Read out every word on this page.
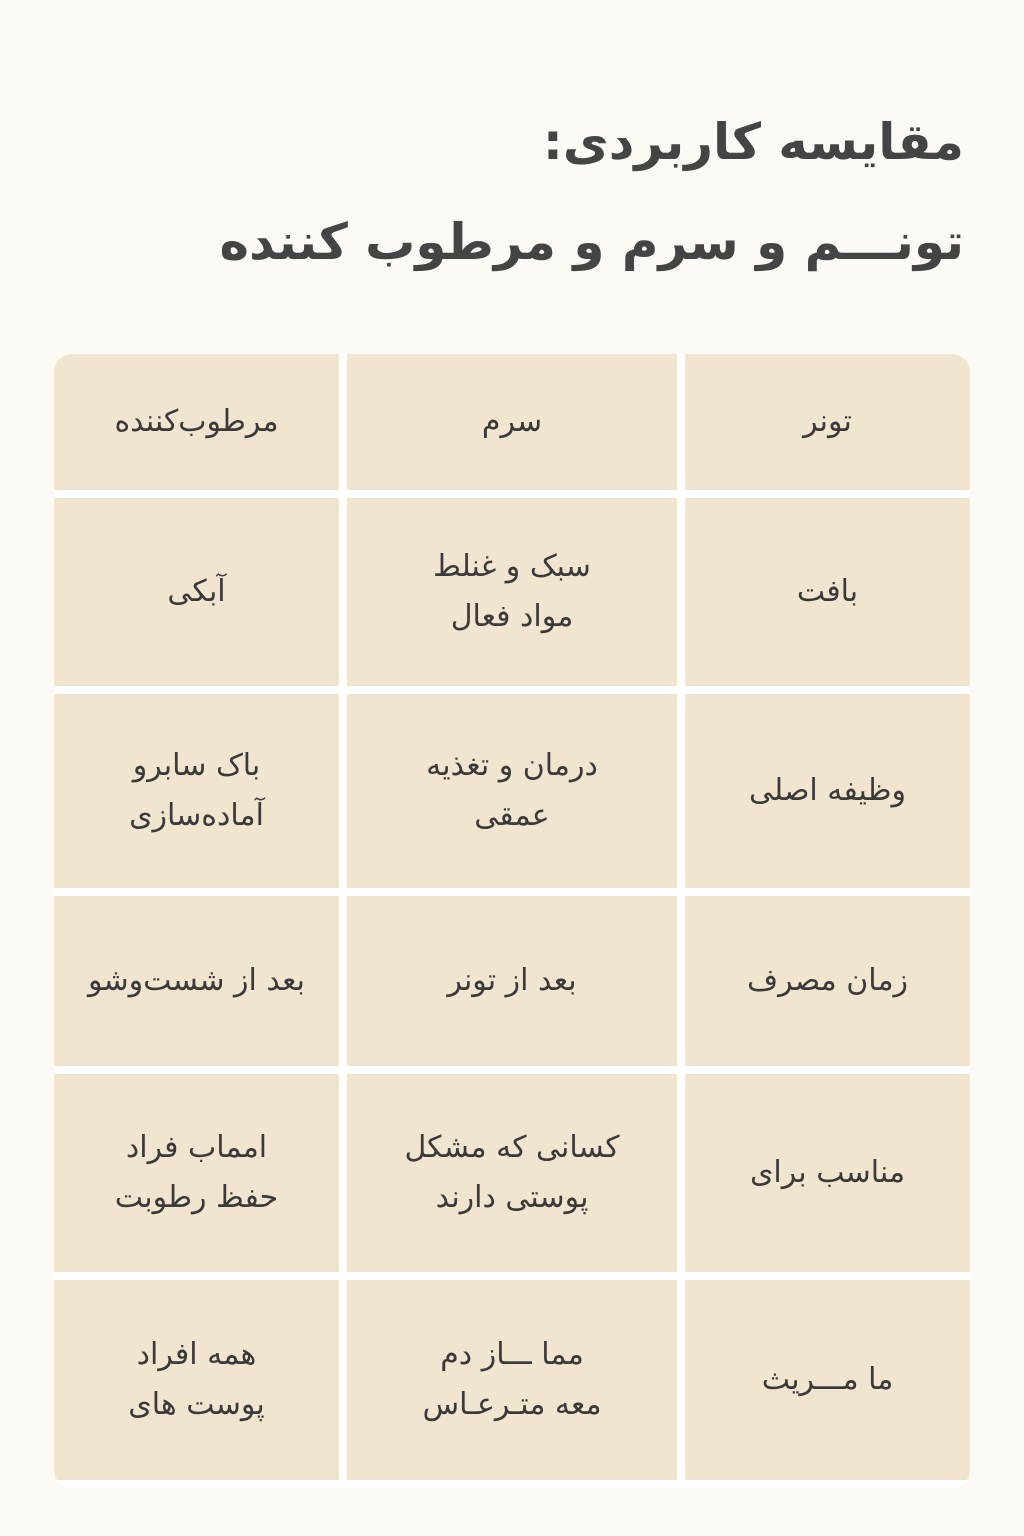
مقایسه کاربردی:
تونـــم و سرم و مرطوب کننده
تونر
سرم
مرطوب‌کننده
بافت
سبک و غنلط
مواد فعال
آبکی
وظیفه اصلی
درمان و تغذیه
عمقی
باک سابرو
آماده‌سازی
زمان مصرف
بعد از تونر
بعد از شست‌وشو
مناسب برای
کسانی که مشکل
پوستی دارند
امماب فراد
حفظ رطوبت
ما مـــریث
مما ـــاز دم
معه متـرعـاس
همه افراد
پوست های
